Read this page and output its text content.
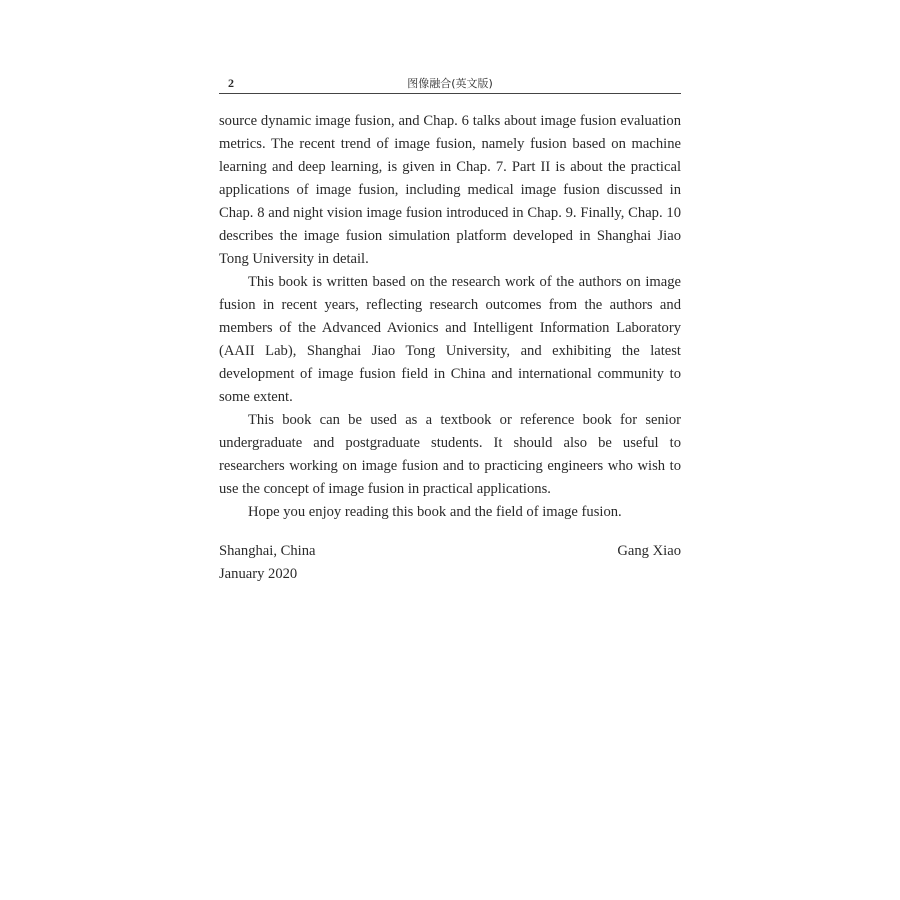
2	图像融合(英文版)

source dynamic image fusion, and Chap. 6 talks about image fusion evaluation metrics. The recent trend of image fusion, namely fusion based on machine learning and deep learning, is given in Chap. 7. Part II is about the practical applications of image fusion, including medical image fusion discussed in Chap. 8 and night vision image fusion introduced in Chap. 9. Finally, Chap. 10 describes the image fusion simulation platform developed in Shanghai Jiao Tong University in detail.

This book is written based on the research work of the authors on image fusion in recent years, reflecting research outcomes from the authors and members of the Advanced Avionics and Intelligent Information Laboratory (AAII Lab), Shanghai Jiao Tong University, and exhibiting the latest development of image fusion field in China and international community to some extent.

This book can be used as a textbook or reference book for senior undergraduate and postgraduate students. It should also be useful to researchers working on image fusion and to practicing engineers who wish to use the concept of image fusion in practical applications.

Hope you enjoy reading this book and the field of image fusion.

Shanghai, China	Gang Xiao
January 2020
